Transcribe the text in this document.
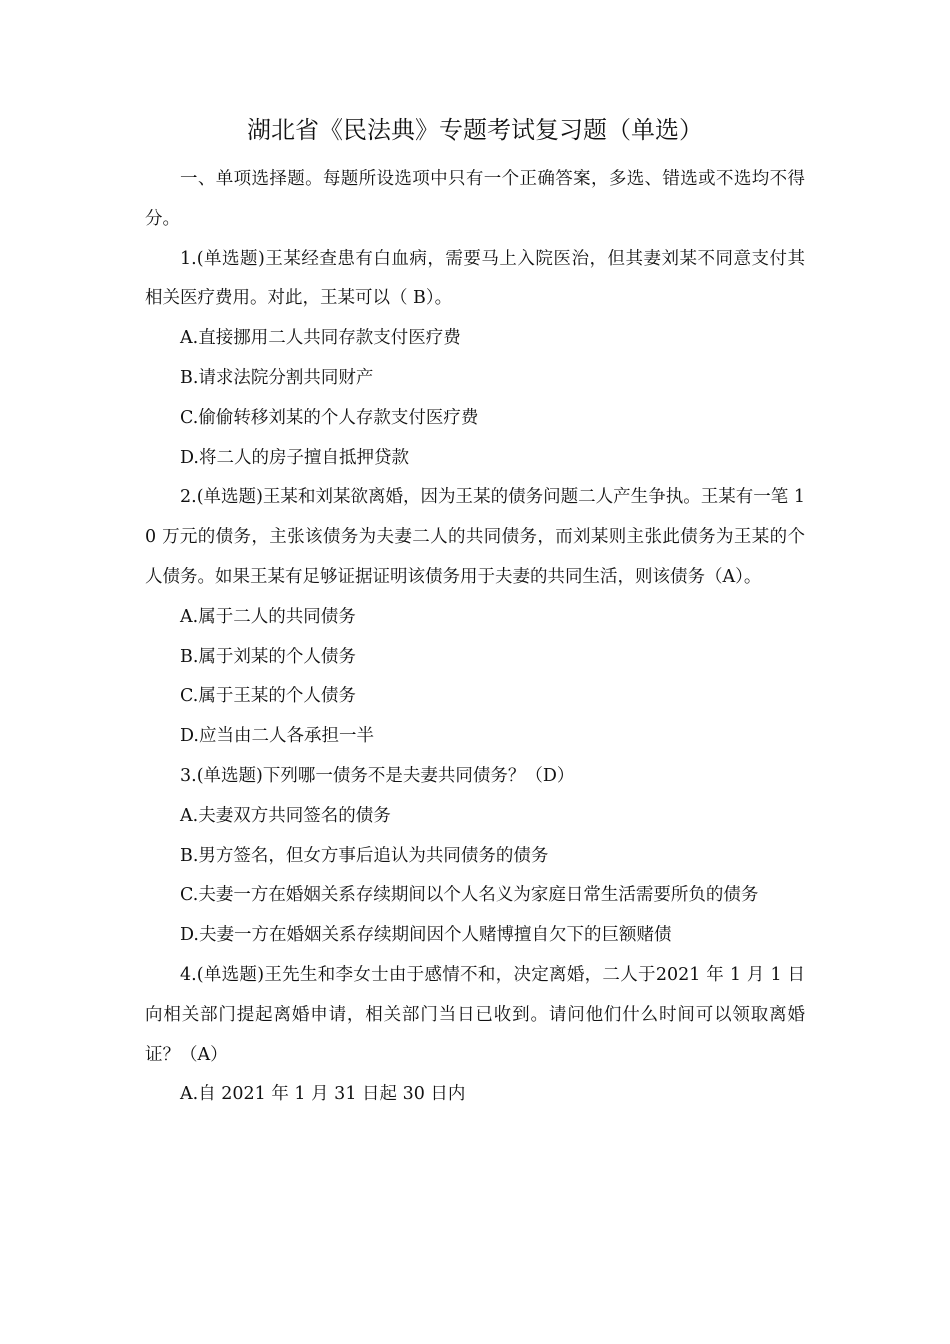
湖北省《民法典》专题考试复习题（单选）

一、单项选择题。每题所设选项中只有一个正确答案，多选、错选或不选均不得分。

1.(单选题)王某经查患有白血病，需要马上入院医治，但其妻刘某不同意支付其相关医疗费用。对此，王某可以（ B）。

A.直接挪用二人共同存款支付医疗费

B.请求法院分割共同财产

C.偷偷转移刘某的个人存款支付医疗费

D.将二人的房子擅自抵押贷款

2.(单选题)王某和刘某欲离婚，因为王某的债务问题二人产生争执。王某有一笔 10 万元的债务，主张该债务为夫妻二人的共同债务，而刘某则主张此债务为王某的个人债务。如果王某有足够证据证明该债务用于夫妻的共同生活，则该债务（A）。

A.属于二人的共同债务

B.属于刘某的个人债务

C.属于王某的个人债务

D.应当由二人各承担一半

3.(单选题)下列哪一债务不是夫妻共同债务？（D）

A.夫妻双方共同签名的债务

B.男方签名，但女方事后追认为共同债务的债务

C.夫妻一方在婚姻关系存续期间以个人名义为家庭日常生活需要所负的债务

D.夫妻一方在婚姻关系存续期间因个人赌博擅自欠下的巨额赌债

4.(单选题)王先生和李女士由于感情不和，决定离婚，二人于2021 年 1 月 1 日向相关部门提起离婚申请，相关部门当日已收到。请问他们什么时间可以领取离婚证？（A）

A.自 2021 年 1 月 31 日起 30 日内
